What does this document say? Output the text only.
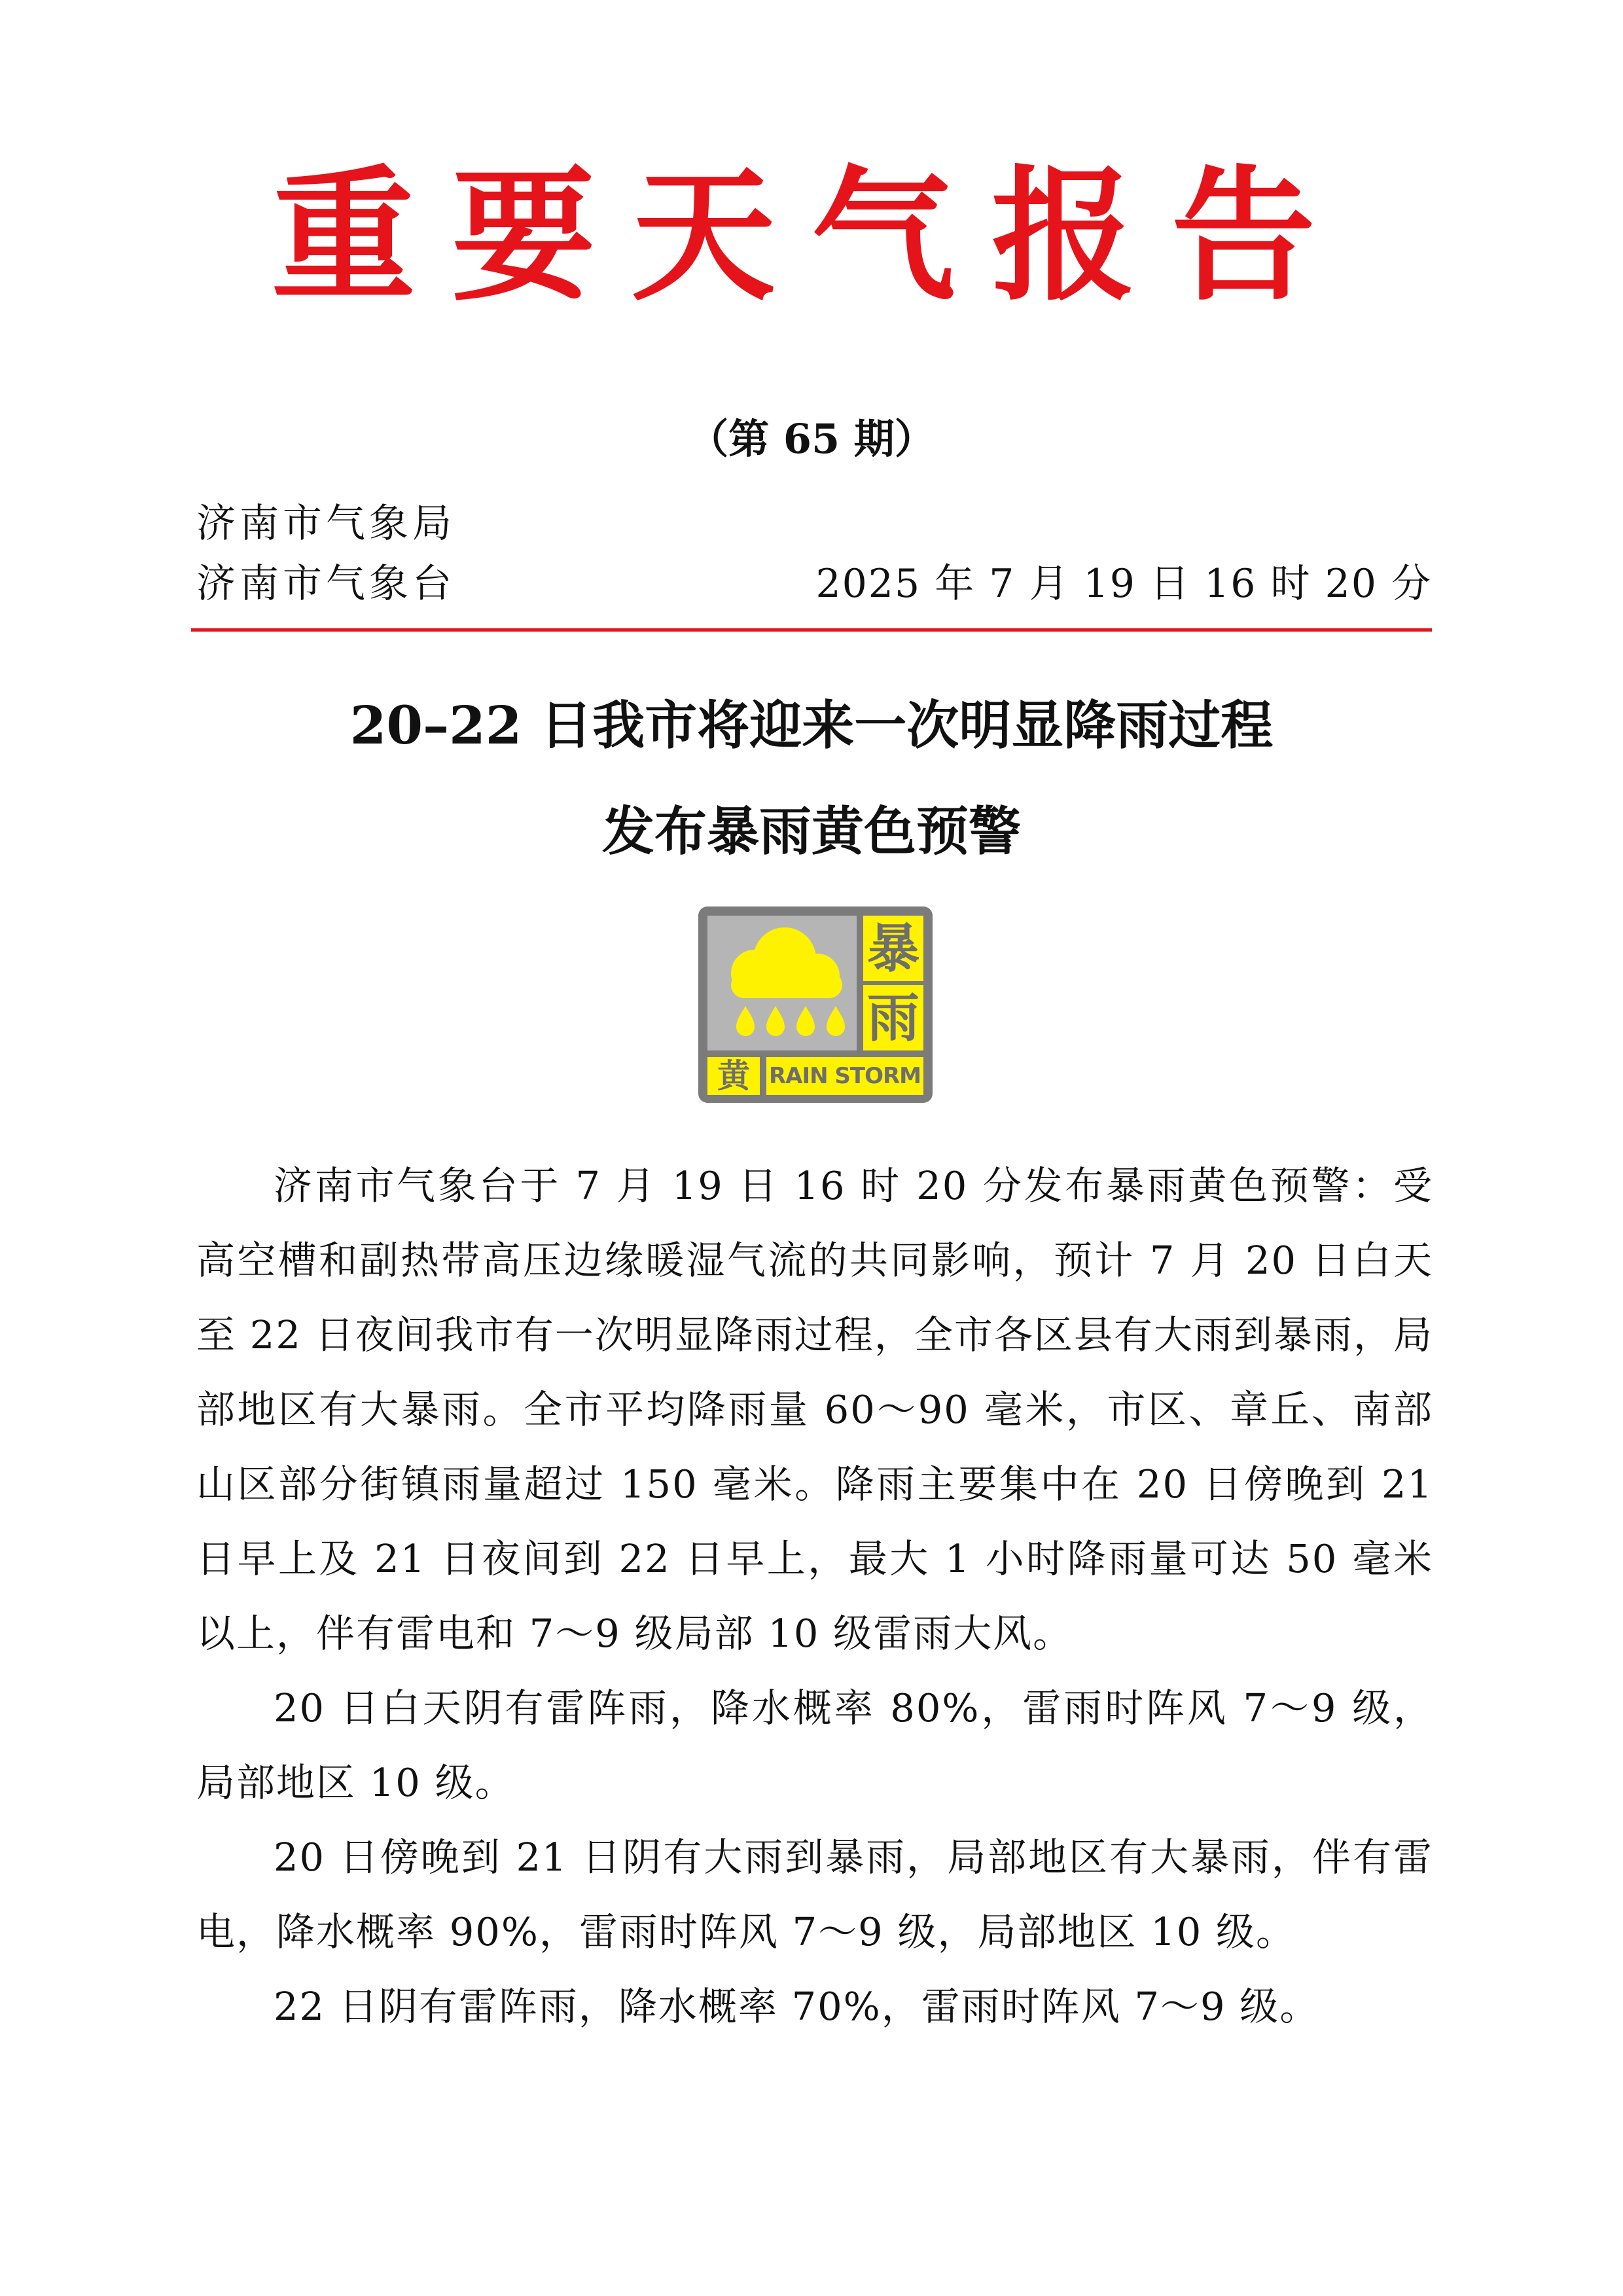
重要天气报告
（第 65 期）
济南市气象局
济南市气象台	2025 年 7 月 19 日 16 时 20 分
20–22 日我市将迎来一次明显降雨过程
发布暴雨黄色预警
暴
雨
黄 RAIN STORM

济南市气象台于 7 月 19 日 16 时 20 分发布暴雨黄色预警：受高空槽和副热带高压边缘暖湿气流的共同影响，预计 7 月 20 日白天至 22 日夜间我市有一次明显降雨过程，全市各区县有大雨到暴雨，局部地区有大暴雨。全市平均降雨量 60～90 毫米，市区、章丘、南部山区部分街镇雨量超过 150 毫米。降雨主要集中在 20 日傍晚到 21 日早上及 21 日夜间到 22 日早上，最大 1 小时降雨量可达 50 毫米以上，伴有雷电和 7～9 级局部 10 级雷雨大风。

20 日白天阴有雷阵雨，降水概率 80%，雷雨时阵风 7～9 级，局部地区 10 级。

20 日傍晚到 21 日阴有大雨到暴雨，局部地区有大暴雨，伴有雷电，降水概率 90%，雷雨时阵风 7～9 级，局部地区 10 级。

22 日阴有雷阵雨，降水概率 70%，雷雨时阵风 7～9 级。
